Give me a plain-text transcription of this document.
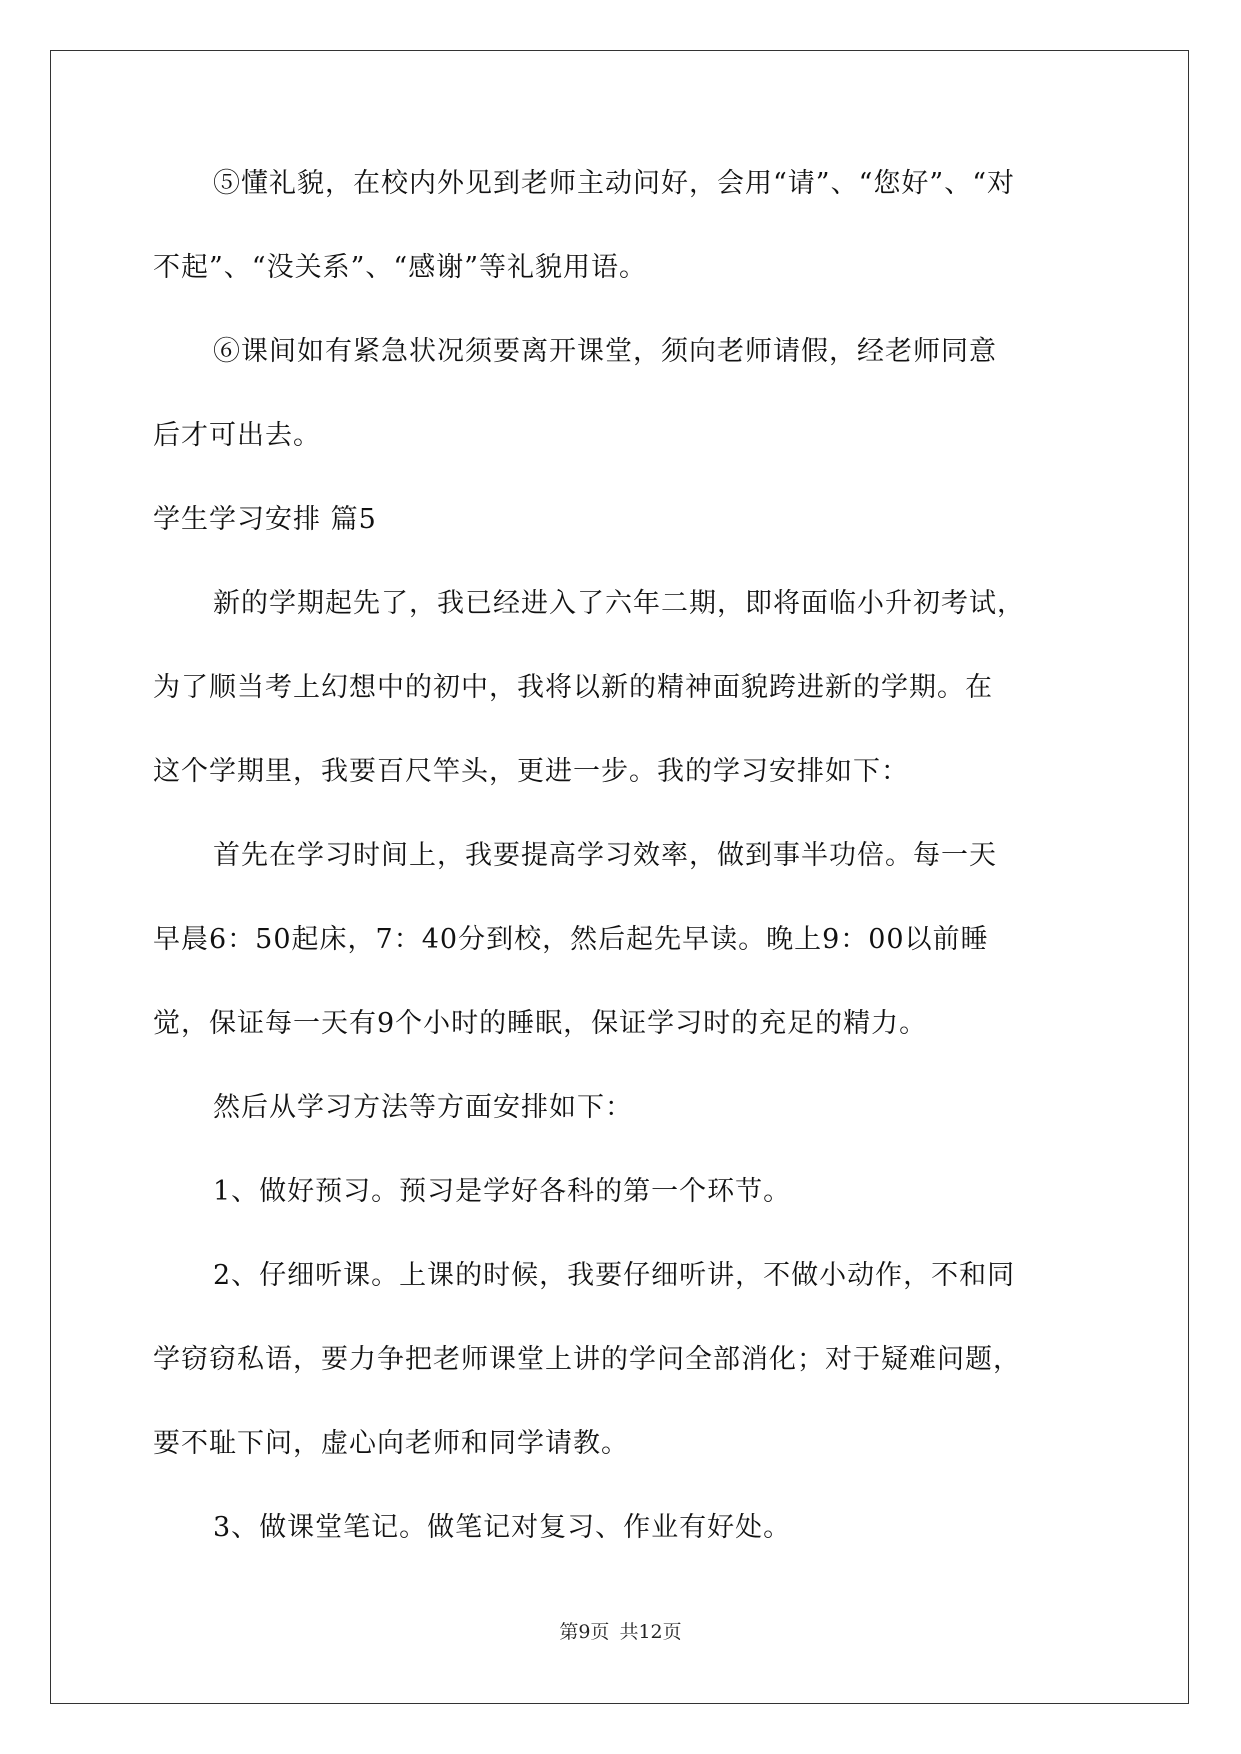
⑤懂礼貌，在校内外见到老师主动问好，会用“请”、“您好”、“对
不起”、“没关系”、“感谢”等礼貌用语。
⑥课间如有紧急状况须要离开课堂，须向老师请假，经老师同意
后才可出去。
学生学习安排 篇5
新的学期起先了，我已经进入了六年二期，即将面临小升初考试，
为了顺当考上幻想中的初中，我将以新的精神面貌跨进新的学期。在
这个学期里，我要百尺竿头，更进一步。我的学习安排如下：
首先在学习时间上，我要提高学习效率，做到事半功倍。每一天
早晨6：50起床，7：40分到校，然后起先早读。晚上9：00以前睡
觉，保证每一天有9个小时的睡眠，保证学习时的充足的精力。
然后从学习方法等方面安排如下：
1、做好预习。预习是学好各科的第一个环节。
2、仔细听课。上课的时候，我要仔细听讲，不做小动作，不和同
学窃窃私语，要力争把老师课堂上讲的学问全部消化；对于疑难问题，
要不耻下问，虚心向老师和同学请教。
3、做课堂笔记。做笔记对复习、作业有好处。
第9页 共12页
